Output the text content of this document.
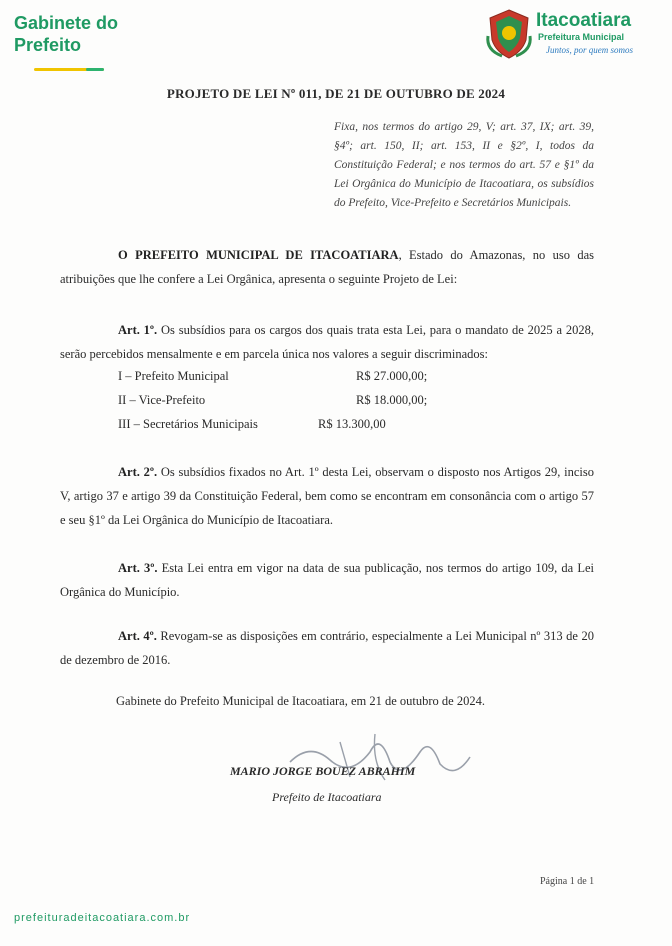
Gabinete do Prefeito
Itacoatiara
Prefeitura Municipal
Juntos, por quem somos
PROJETO DE LEI Nº 011, DE 21 DE OUTUBRO DE 2024
Fixa, nos termos do artigo 29, V; art. 37, IX; art. 39, §4º; art. 150, II; art. 153, II e §2º, I, todos da Constituição Federal; e nos termos do art. 57 e §1º da Lei Orgânica do Município de Itacoatiara, os subsídios do Prefeito, Vice-Prefeito e Secretários Municipais.
O PREFEITO MUNICIPAL DE ITACOATIARA, Estado do Amazonas, no uso das atribuições que lhe confere a Lei Orgânica, apresenta o seguinte Projeto de Lei:
Art. 1º. Os subsídios para os cargos dos quais trata esta Lei, para o mandato de 2025 a 2028, serão percebidos mensalmente e em parcela única nos valores a seguir discriminados:
I – Prefeito Municipal	R$ 27.000,00;
II – Vice-Prefeito	R$ 18.000,00;
III – Secretários Municipais	R$ 13.300,00
Art. 2º. Os subsídios fixados no Art. 1º desta Lei, observam o disposto nos Artigos 29, inciso V, artigo 37 e artigo 39 da Constituição Federal, bem como se encontram em consonância com o artigo 57 e seu §1º da Lei Orgânica do Município de Itacoatiara.
Art. 3º. Esta Lei entra em vigor na data de sua publicação, nos termos do artigo 109, da Lei Orgânica do Município.
Art. 4º. Revogam-se as disposições em contrário, especialmente a Lei Municipal nº 313 de 20 de dezembro de 2016.
Gabinete do Prefeito Municipal de Itacoatiara, em 21 de outubro de 2024.
MARIO JORGE BOUEZ ABRAHIM
Prefeito de Itacoatiara
Página 1 de 1
prefeituradeitacoatiara.com.br
